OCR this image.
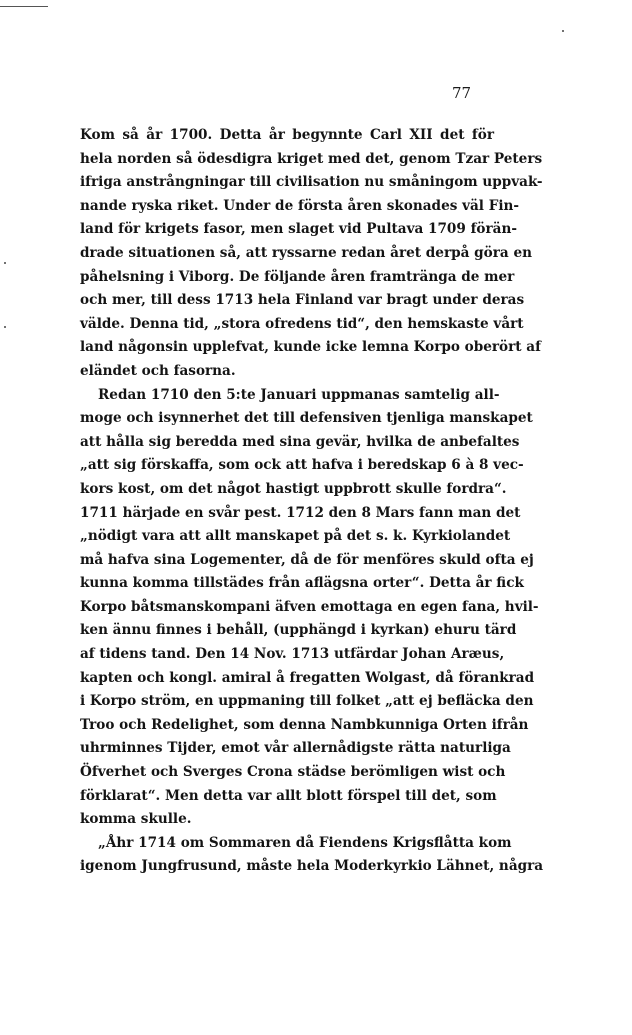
77
Kom så år 1700. Detta år begynnte Carl XII det för
hela norden så ödesdigra kriget med det, genom Tzar Peters
ifriga anstrångningar till civilisation nu småningom uppvak-
nande ryska riket. Under de första åren skonades väl Fin-
land för krigets fasor, men slaget vid Pultava 1709 förän-
drade situationen så, att ryssarne redan året derpå göra en
påhelsning i Viborg. De följande åren framtränga de mer
och mer, till dess 1713 hela Finland var bragt under deras
välde. Denna tid, „stora ofredens tid“, den hemskaste vårt
land någonsin upplefvat, kunde icke lemna Korpo oberört af
eländet och fasorna.
Redan 1710 den 5:te Januari uppmanas samtelig all-
moge och isynnerhet det till defensiven tjenliga manskapet
att hålla sig beredda med sina gevär, hvilka de anbefaltes
„att sig förskaffa, som ock att hafva i beredskap 6 à 8 vec-
kors kost, om det något hastigt uppbrott skulle fordra“.
1711 härjade en svår pest. 1712 den 8 Mars fann man det
„nödigt vara att allt manskapet på det s. k. Kyrkiolandet
må hafva sina Logementer, då de för menföres skuld ofta ej
kunna komma tillstädes från aflägsna orter“. Detta år fick
Korpo båtsmanskompani äfven emottaga en egen fana, hvil-
ken ännu finnes i behåll, (upphängd i kyrkan) ehuru tärd
af tidens tand. Den 14 Nov. 1713 utfärdar Johan Aræus,
kapten och kongl. amiral å fregatten Wolgast, då förankrad
i Korpo ström, en uppmaning till folket „att ej befläcka den
Troo och Redelighet, som denna Nambkunniga Orten ifrån
uhrminnes Tijder, emot vår allernådigste rätta naturliga
Öfverhet och Sverges Crona städse berömligen wist och
förklarat“. Men detta var allt blott förspel till det, som
komma skulle.
„Åhr 1714 om Sommaren då Fiendens Krigsflåtta kom
igenom Jungfrusund, måste hela Moderkyrkio Lähnet, några
